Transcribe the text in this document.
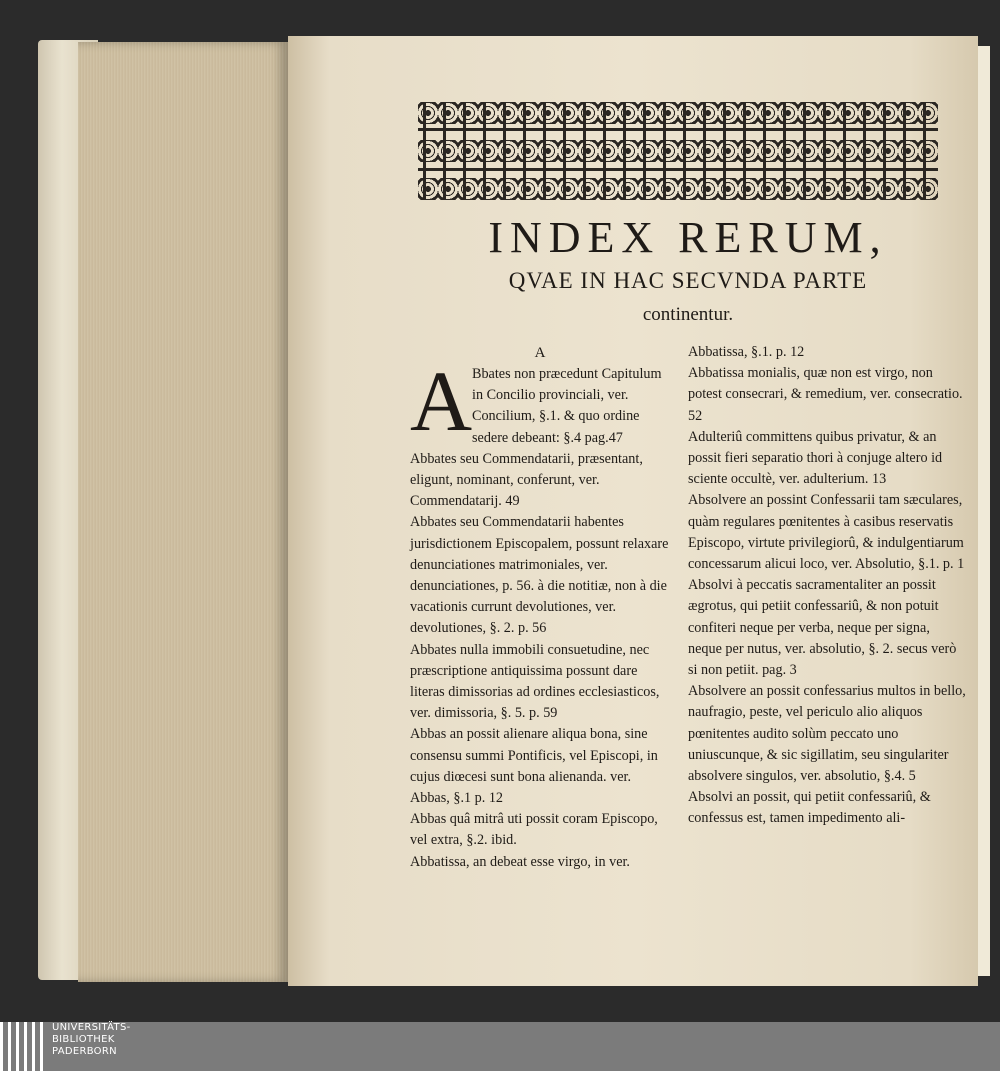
INDEX RERUM,
QVAE IN HAC SECVNDA PARTE
continentur.
A
A Bbates non præcedunt Capitulum in Concilio provinciali, ver. Concilium, §.1. & quo ordine sedere debeant: §.4 pag.47

Abbates seu Commendatarii, præsentant, eligunt, nominant, conferunt, ver. Commendatarij. 49

Abbates seu Commendatarii habentes jurisdictionem Episcopalem, possunt relaxare denunciationes matrimoniales, ver. denunciationes, p. 56. à die notitiæ, non à die vacationis currunt devolutiones, ver. devolutiones, §. 2. p. 56

Abbates nulla immobili consuetudine, nec præscriptione antiquissima possunt dare literas dimissorias ad ordines ecclesiasticos, ver. dimissoria, §. 5. p. 59

Abbas an possit alienare aliqua bona, sine consensu summi Pontificis, vel Episcopi, in cujus diœcesi sunt bona alienanda. ver. Abbas, §.1 p. 12

Abbas quâ mitrâ uti possit coram Episcopo, vel extra, §.2. ibid.

Abbatissa, an debeat esse virgo, in ver.

Abbatissa, §.1. p. 12

Abbatissa monialis, quæ non est virgo, non potest consecrari, & remedium, ver. consecratio. 52

Adulteriû committens quibus privatur, & an possit fieri separatio thori à conjuge altero id sciente occultè, ver. adulterium. 13

Absolvere an possint Confessarii tam sæculares, quàm regulares pœnitentes à casibus reservatis Episcopo, virtute privilegiorû, & indulgentiarum concessarum alicui loco, ver. Absolutio, §.1. p. 1

Absolvi à peccatis sacramentaliter an possit ægrotus, qui petiit confessariû, & non potuit confiteri neque per verba, neque per signa, neque per nutus, ver. absolutio, §. 2. secus verò si non petiit. pag. 3

Absolvere an possit confessarius multos in bello, naufragio, peste, vel periculo alio aliquos pœnitentes audito solùm peccato uno uniuscunque, & sic sigillatim, seu singulariter absolvere singulos, ver. absolutio, §.4. 5

Absolvi an possit, qui petiit confessariû, & confessus est, tamen impedimento ali-

UNIVERSITÄTS-
BIBLIOTHEK
PADERBORN
